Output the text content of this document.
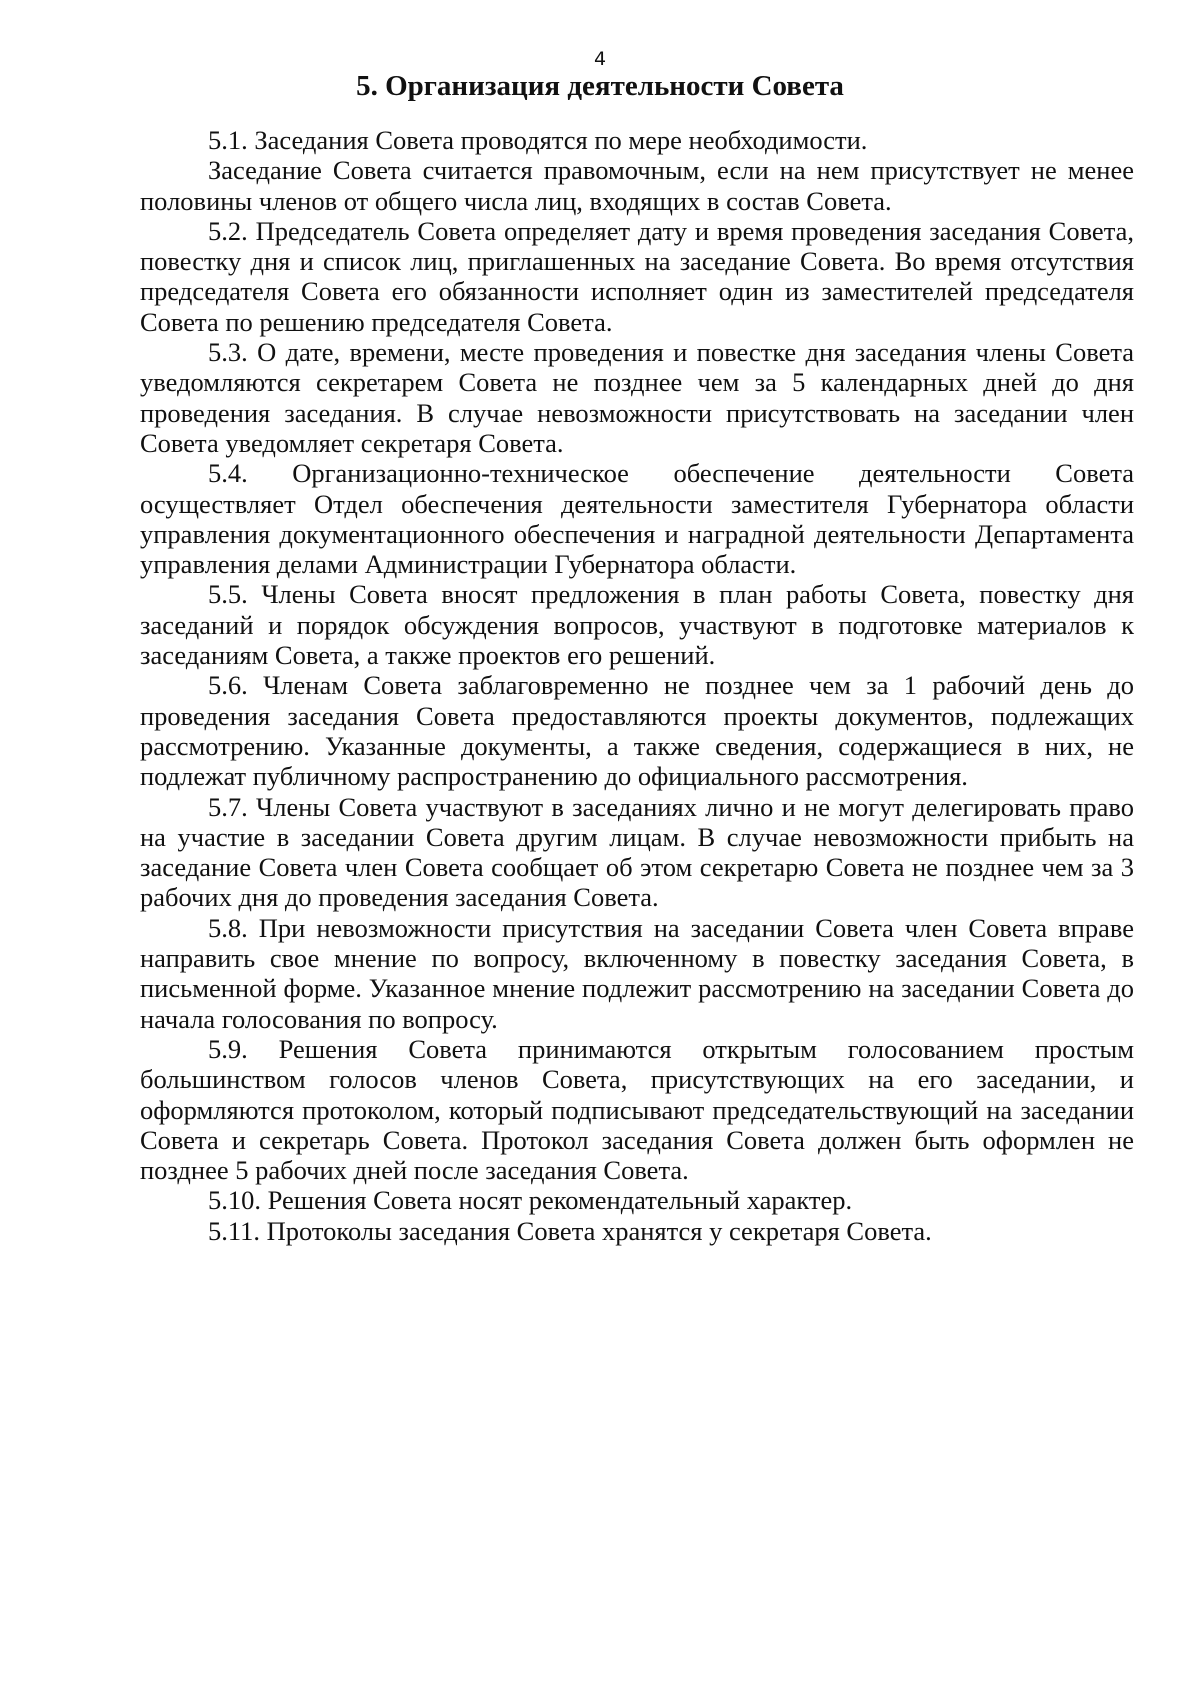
4
5. Организация деятельности Совета

5.1. Заседания Совета проводятся по мере необходимости.

Заседание Совета считается правомочным, если на нем присутствует не менее половины членов от общего числа лиц, входящих в состав Совета.

5.2. Председатель Совета определяет дату и время проведения заседания Совета, повестку дня и список лиц, приглашенных на заседание Совета. Во время отсутствия председателя Совета его обязанности исполняет один из заместителей председателя Совета по решению председателя Совета.

5.3. О дате, времени, месте проведения и повестке дня заседания члены Совета уведомляются секретарем Совета не позднее чем за 5 календарных дней до дня проведения заседания. В случае невозможности присутствовать на заседании член Совета уведомляет секретаря Совета.

5.4. Организационно-техническое обеспечение деятельности Совета осуществляет Отдел обеспечения деятельности заместителя Губернатора области управления документационного обеспечения и наградной деятельности Департамента управления делами Администрации Губернатора области.

5.5. Члены Совета вносят предложения в план работы Совета, повестку дня заседаний и порядок обсуждения вопросов, участвуют в подготовке материалов к заседаниям Совета, а также проектов его решений.

5.6. Членам Совета заблаговременно не позднее чем за 1 рабочий день до проведения заседания Совета предоставляются проекты документов, подлежащих рассмотрению. Указанные документы, а также сведения, содержащиеся в них, не подлежат публичному распространению до официального рассмотрения.

5.7. Члены Совета участвуют в заседаниях лично и не могут делегировать право на участие в заседании Совета другим лицам. В случае невозможности прибыть на заседание Совета член Совета сообщает об этом секретарю Совета не позднее чем за 3 рабочих дня до проведения заседания Совета.

5.8. При невозможности присутствия на заседании Совета член Совета вправе направить свое мнение по вопросу, включенному в повестку заседания Совета, в письменной форме. Указанное мнение подлежит рассмотрению на заседании Совета до начала голосования по вопросу.

5.9. Решения Совета принимаются открытым голосованием простым большинством голосов членов Совета, присутствующих на его заседании, и оформляются протоколом, который подписывают председательствующий на заседании Совета и секретарь Совета. Протокол заседания Совета должен быть оформлен не позднее 5 рабочих дней после заседания Совета.

5.10. Решения Совета носят рекомендательный характер.

5.11. Протоколы заседания Совета хранятся у секретаря Совета.
